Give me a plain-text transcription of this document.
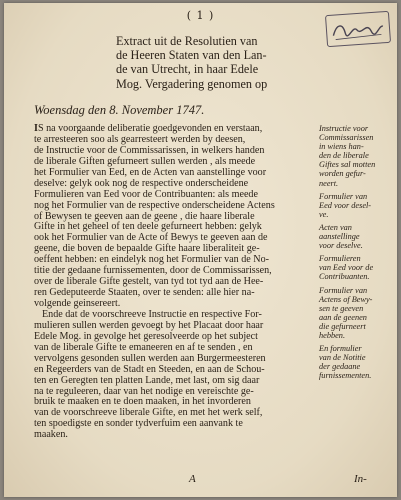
( 1 )
Extract uit de Resolutien van
de Heeren Staten van den Lan-
de van Utrecht, in haar Edele
Mog. Vergadering genomen op
Woensdag den 8. November 1747.
IS na voorgaande deliberatie goedgevonden en verstaan,
te arresteeren soo als gearresteert werden by deesen,
de Instructie voor de Commissarissen, in welkers handen
de liberale Giften gefurneert sullen werden , als meede
het Formulier van Eed, en de Acten van aanstellinge voor
deselve: gelyk ook nog de respective onderscheidene
Formulieren van Eed voor de Contribuanten: als meede
nog het Formulier van de respective onderscheidene Actens
of Bewysen te geeven aan de geene , die haare liberale
Gifte in het geheel of ten deele gefurneert hebben: gelyk
ook het Formulier van de Acte of Bewys te geeven aan de
geene, die boven de bepaalde Gifte haare liberaliteit ge-
oeffent hebben: en eindelyk nog het Formulier van de No-
titie der gedaane furnissementen, door de Commissarissen,
over de liberale Gifte gestelt, van tyd tot tyd aan de Hee-
ren Gedeputeerde Staaten, over te senden: alle hier na-
volgende geinsereert.
Ende dat de voorschreeve Instructie en respective For-
mulieren sullen werden gevoegt by het Placaat door haar
Edele Mog. in gevolge het geresolveerde op het subject
van de liberale Gifte te emaneeren en af te senden , en
vervolgens gesonden sullen werden aan Burgermeesteren
en Regeerders van de Stadt en Steeden, en aan de Schou-
ten en Geregten ten platten Lande, met last, om sig daar
na te reguleeren, daar van het nodige en vereischte ge-
bruik te maaken en te doen maaken, in het invorderen
van de voorschreeve liberale Gifte, en met het werk self,
ten spoedigste en sonder tydverfuim een aanvank te
maaken.
Instructie voor
Commissarissen
in wiens han-
den de liberale
Giftes sal motten
worden gefur-
neert.
Formulier van
Eed voor desel-
ve.
Acten van
aanstellinge
voor deselve.
Formulieren
van Eed voor de
Contribuanten.
Formulier van
Actens of Bewy-
sen te geeven
aan de geenen
die gefurneert
hebben.
En formulier
van de Notitie
der gedaane
furnissementen.
A	In-
